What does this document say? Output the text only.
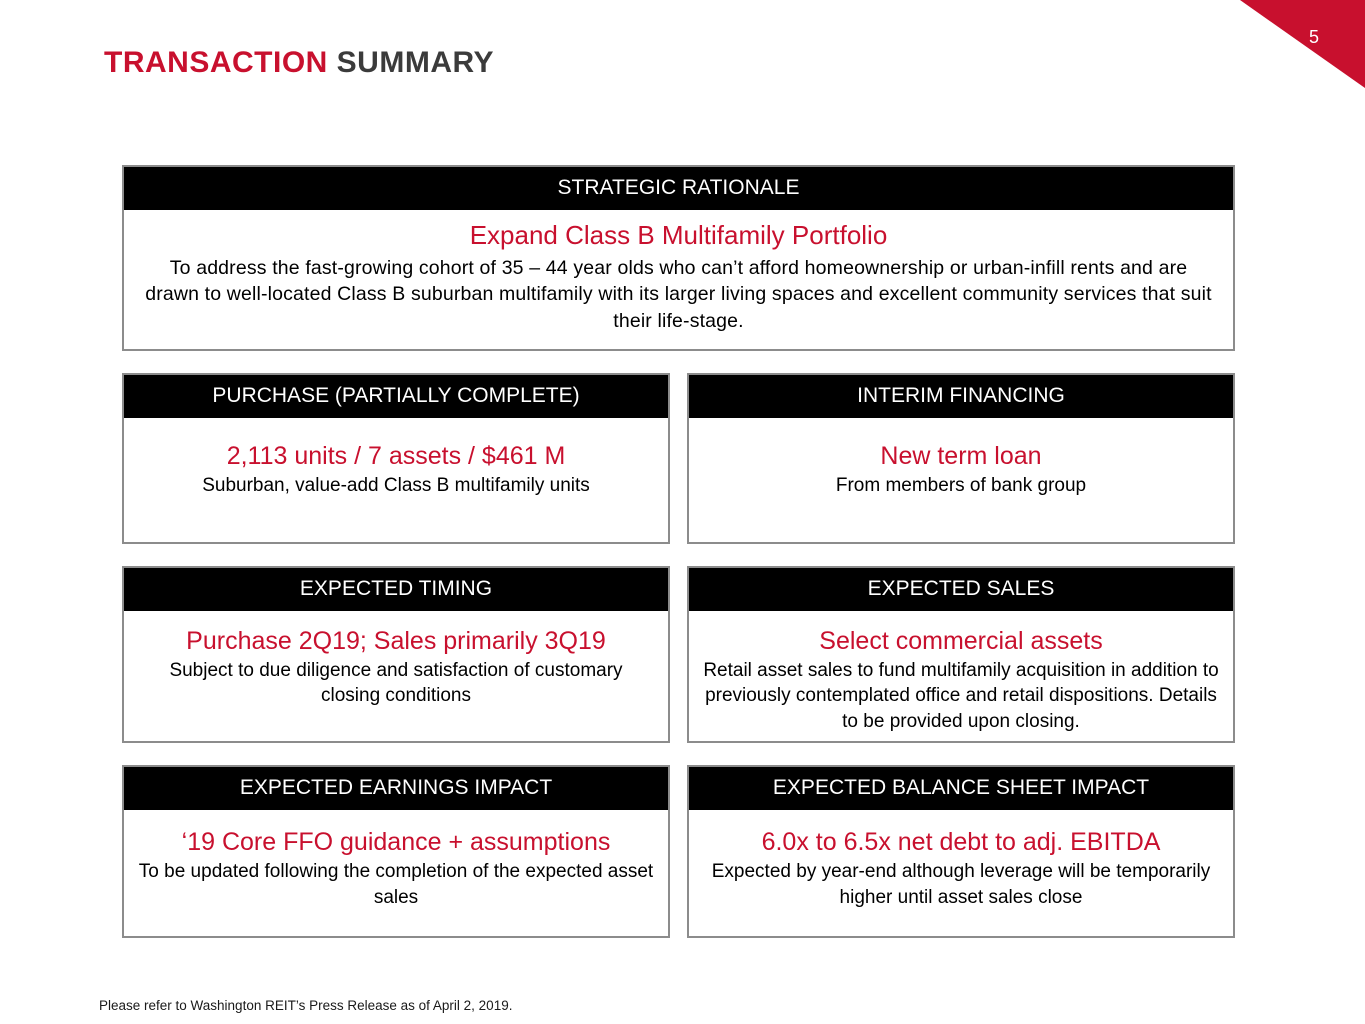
5
TRANSACTION SUMMARY
STRATEGIC RATIONALE
Expand Class B Multifamily Portfolio
To address the fast-growing cohort of 35 – 44 year olds who can’t afford homeownership or urban-infill rents and are drawn to well-located Class B suburban multifamily with its larger living spaces and excellent community services that suit their life-stage.
PURCHASE (PARTIALLY COMPLETE)
2,113 units / 7 assets / $461 M
Suburban, value-add Class B multifamily units
INTERIM FINANCING
New term loan
From members of bank group
EXPECTED TIMING
Purchase 2Q19; Sales primarily 3Q19
Subject to due diligence and satisfaction of customary closing conditions
EXPECTED SALES
Select commercial assets
Retail asset sales to fund multifamily acquisition in addition to previously contemplated office and retail dispositions. Details to be provided upon closing.
EXPECTED EARNINGS IMPACT
‘19 Core FFO guidance + assumptions
To be updated following the completion of the expected asset sales
EXPECTED BALANCE SHEET IMPACT
6.0x to 6.5x net debt to adj. EBITDA
Expected by year-end although leverage will be temporarily higher until asset sales close
Please refer to Washington REIT’s Press Release as of April 2, 2019.
